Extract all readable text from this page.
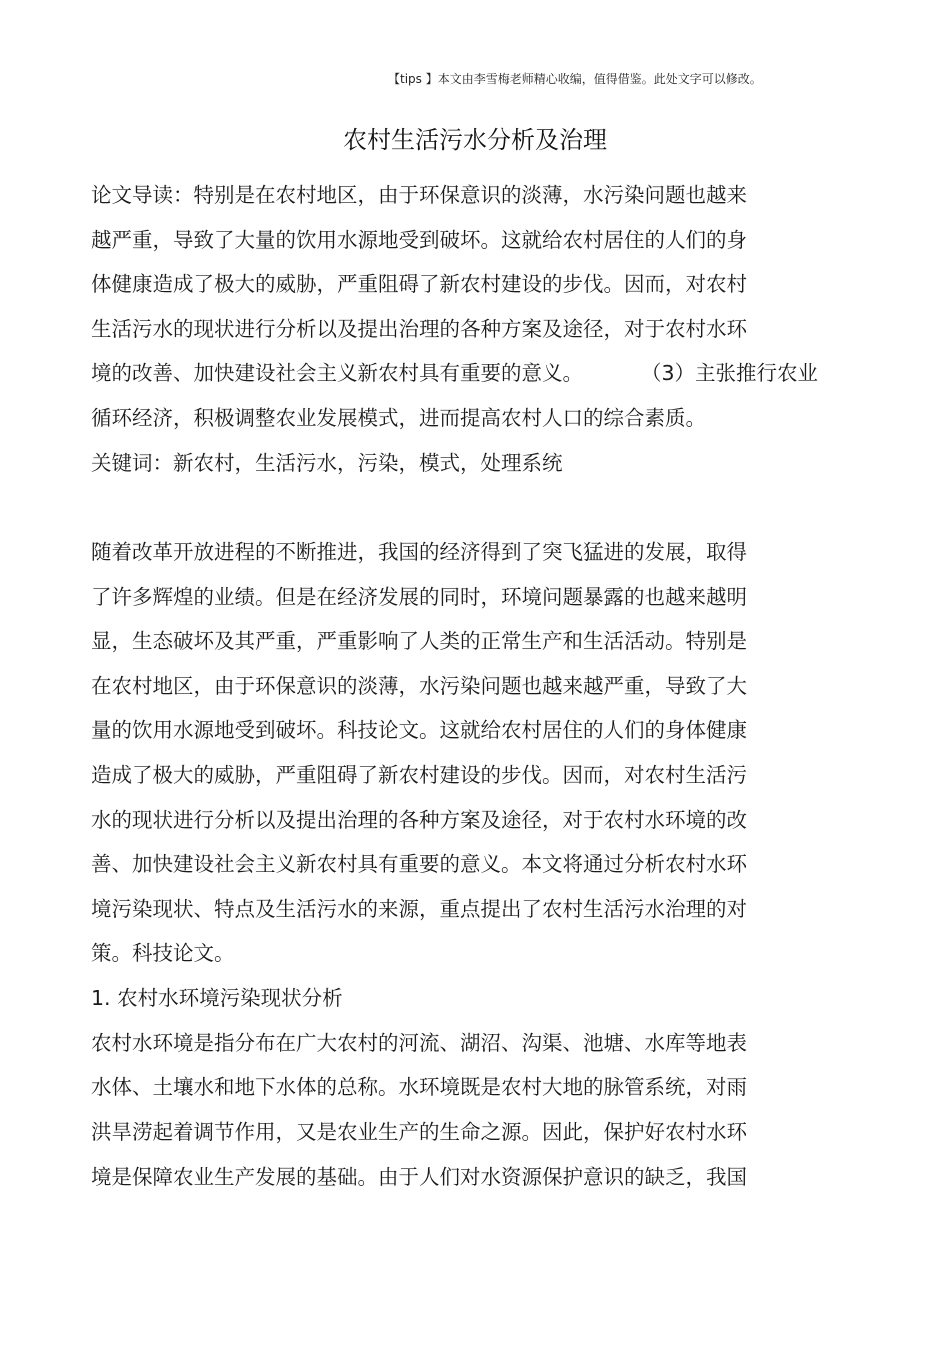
【tips 】本文由李雪梅老师精心收编，值得借鉴。此处文字可以修改。
农村生活污水分析及治理
论文导读：特别是在农村地区，由于环保意识的淡薄，水污染问题也越来
越严重，导致了大量的饮用水源地受到破坏。这就给农村居住的人们的身
体健康造成了极大的威胁，严重阻碍了新农村建设的步伐。因而，对农村
生活污水的现状进行分析以及提出治理的各种方案及途径，对于农村水环
境的改善、加快建设社会主义新农村具有重要的意义。	（3）主张推行农业
循环经济，积极调整农业发展模式，进而提高农村人口的综合素质。
关键词：新农村，生活污水，污染，模式，处理系统
随着改革开放进程的不断推进，我国的经济得到了突飞猛进的发展，取得
了许多辉煌的业绩。但是在经济发展的同时，环境问题暴露的也越来越明
显，生态破坏及其严重，严重影响了人类的正常生产和生活活动。特别是
在农村地区，由于环保意识的淡薄，水污染问题也越来越严重，导致了大
量的饮用水源地受到破坏。科技论文。这就给农村居住的人们的身体健康
造成了极大的威胁，严重阻碍了新农村建设的步伐。因而，对农村生活污
水的现状进行分析以及提出治理的各种方案及途径，对于农村水环境的改
善、加快建设社会主义新农村具有重要的意义。本文将通过分析农村水环
境污染现状、特点及生活污水的来源，重点提出了农村生活污水治理的对
策。科技论文。
1. 农村水环境污染现状分析
农村水环境是指分布在广大农村的河流、湖沼、沟渠、池塘、水库等地表
水体、土壤水和地下水体的总称。水环境既是农村大地的脉管系统，对雨
洪旱涝起着调节作用，又是农业生产的生命之源。因此，保护好农村水环
境是保障农业生产发展的基础。由于人们对水资源保护意识的缺乏，我国
